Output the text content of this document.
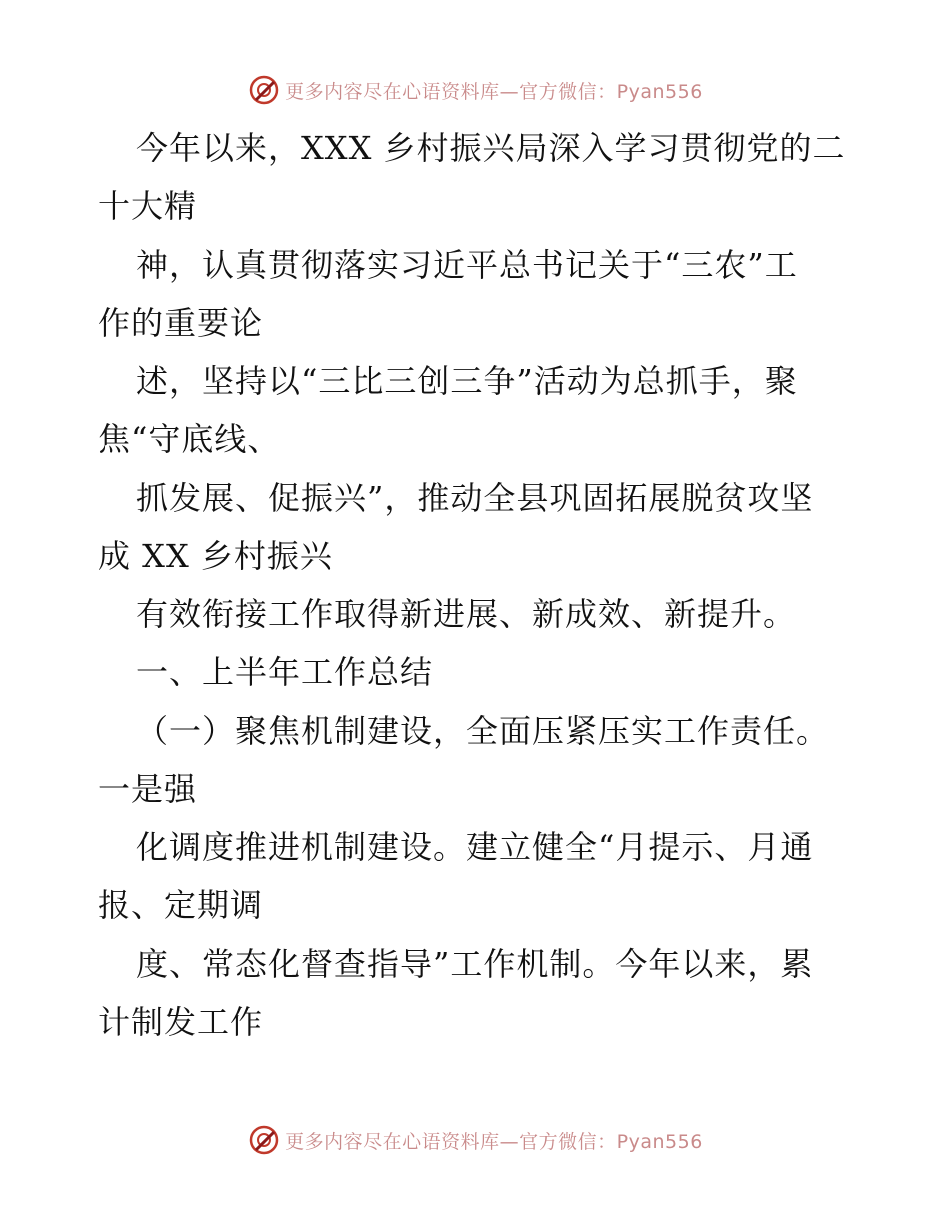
更多内容尽在心语资料库—官方微信：Pyan556
今年以来，XXX 乡村振兴局深入学习贯彻党的二
十大精
神，认真贯彻落实习近平总书记关于“三农”工
作的重要论
述，坚持以“三比三创三争”活动为总抓手，聚
焦“守底线、
抓发展、促振兴”，推动全县巩固拓展脱贫攻坚
成 XX 乡村振兴
有效衔接工作取得新进展、新成效、新提升。
一、上半年工作总结
（一）聚焦机制建设，全面压紧压实工作责任。
一是强
化调度推进机制建设。建立健全“月提示、月通
报、定期调
度、常态化督查指导”工作机制。今年以来，累
计制发工作
更多内容尽在心语资料库—官方微信：Pyan556
